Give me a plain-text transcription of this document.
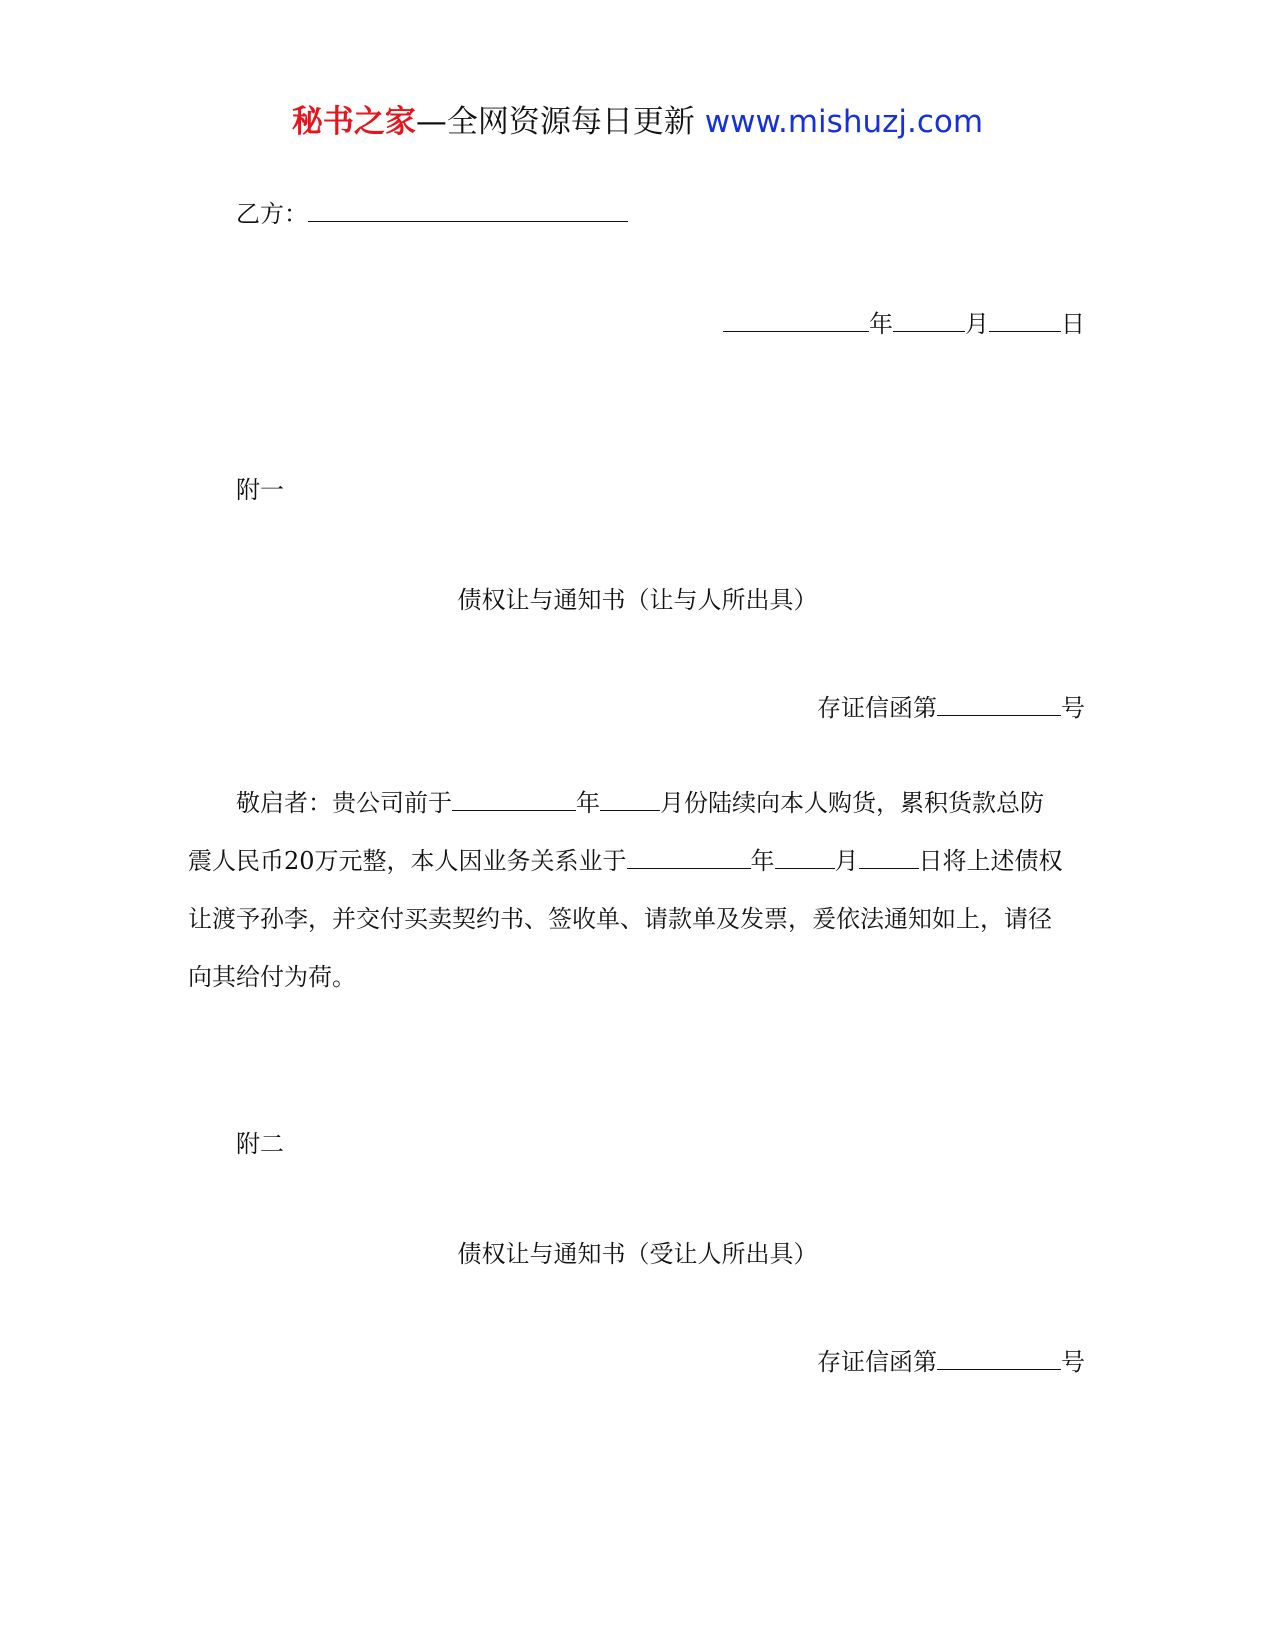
秘书之家—全网资源每日更新 www.mishuzj.com
乙方：
年	月	日
附一
债权让与通知书（让与人所出具）
存证信函第	号
敬启者：贵公司前于	年	月份陆续向本人购货，累积货款总防
震人民币20万元整，本人因业务关系业于	年	月	日将上述债权
让渡予孙李，并交付买卖契约书、签收单、请款单及发票，爰依法通知如上，请径
向其给付为荷。
附二
债权让与通知书（受让人所出具）
存证信函第	号
